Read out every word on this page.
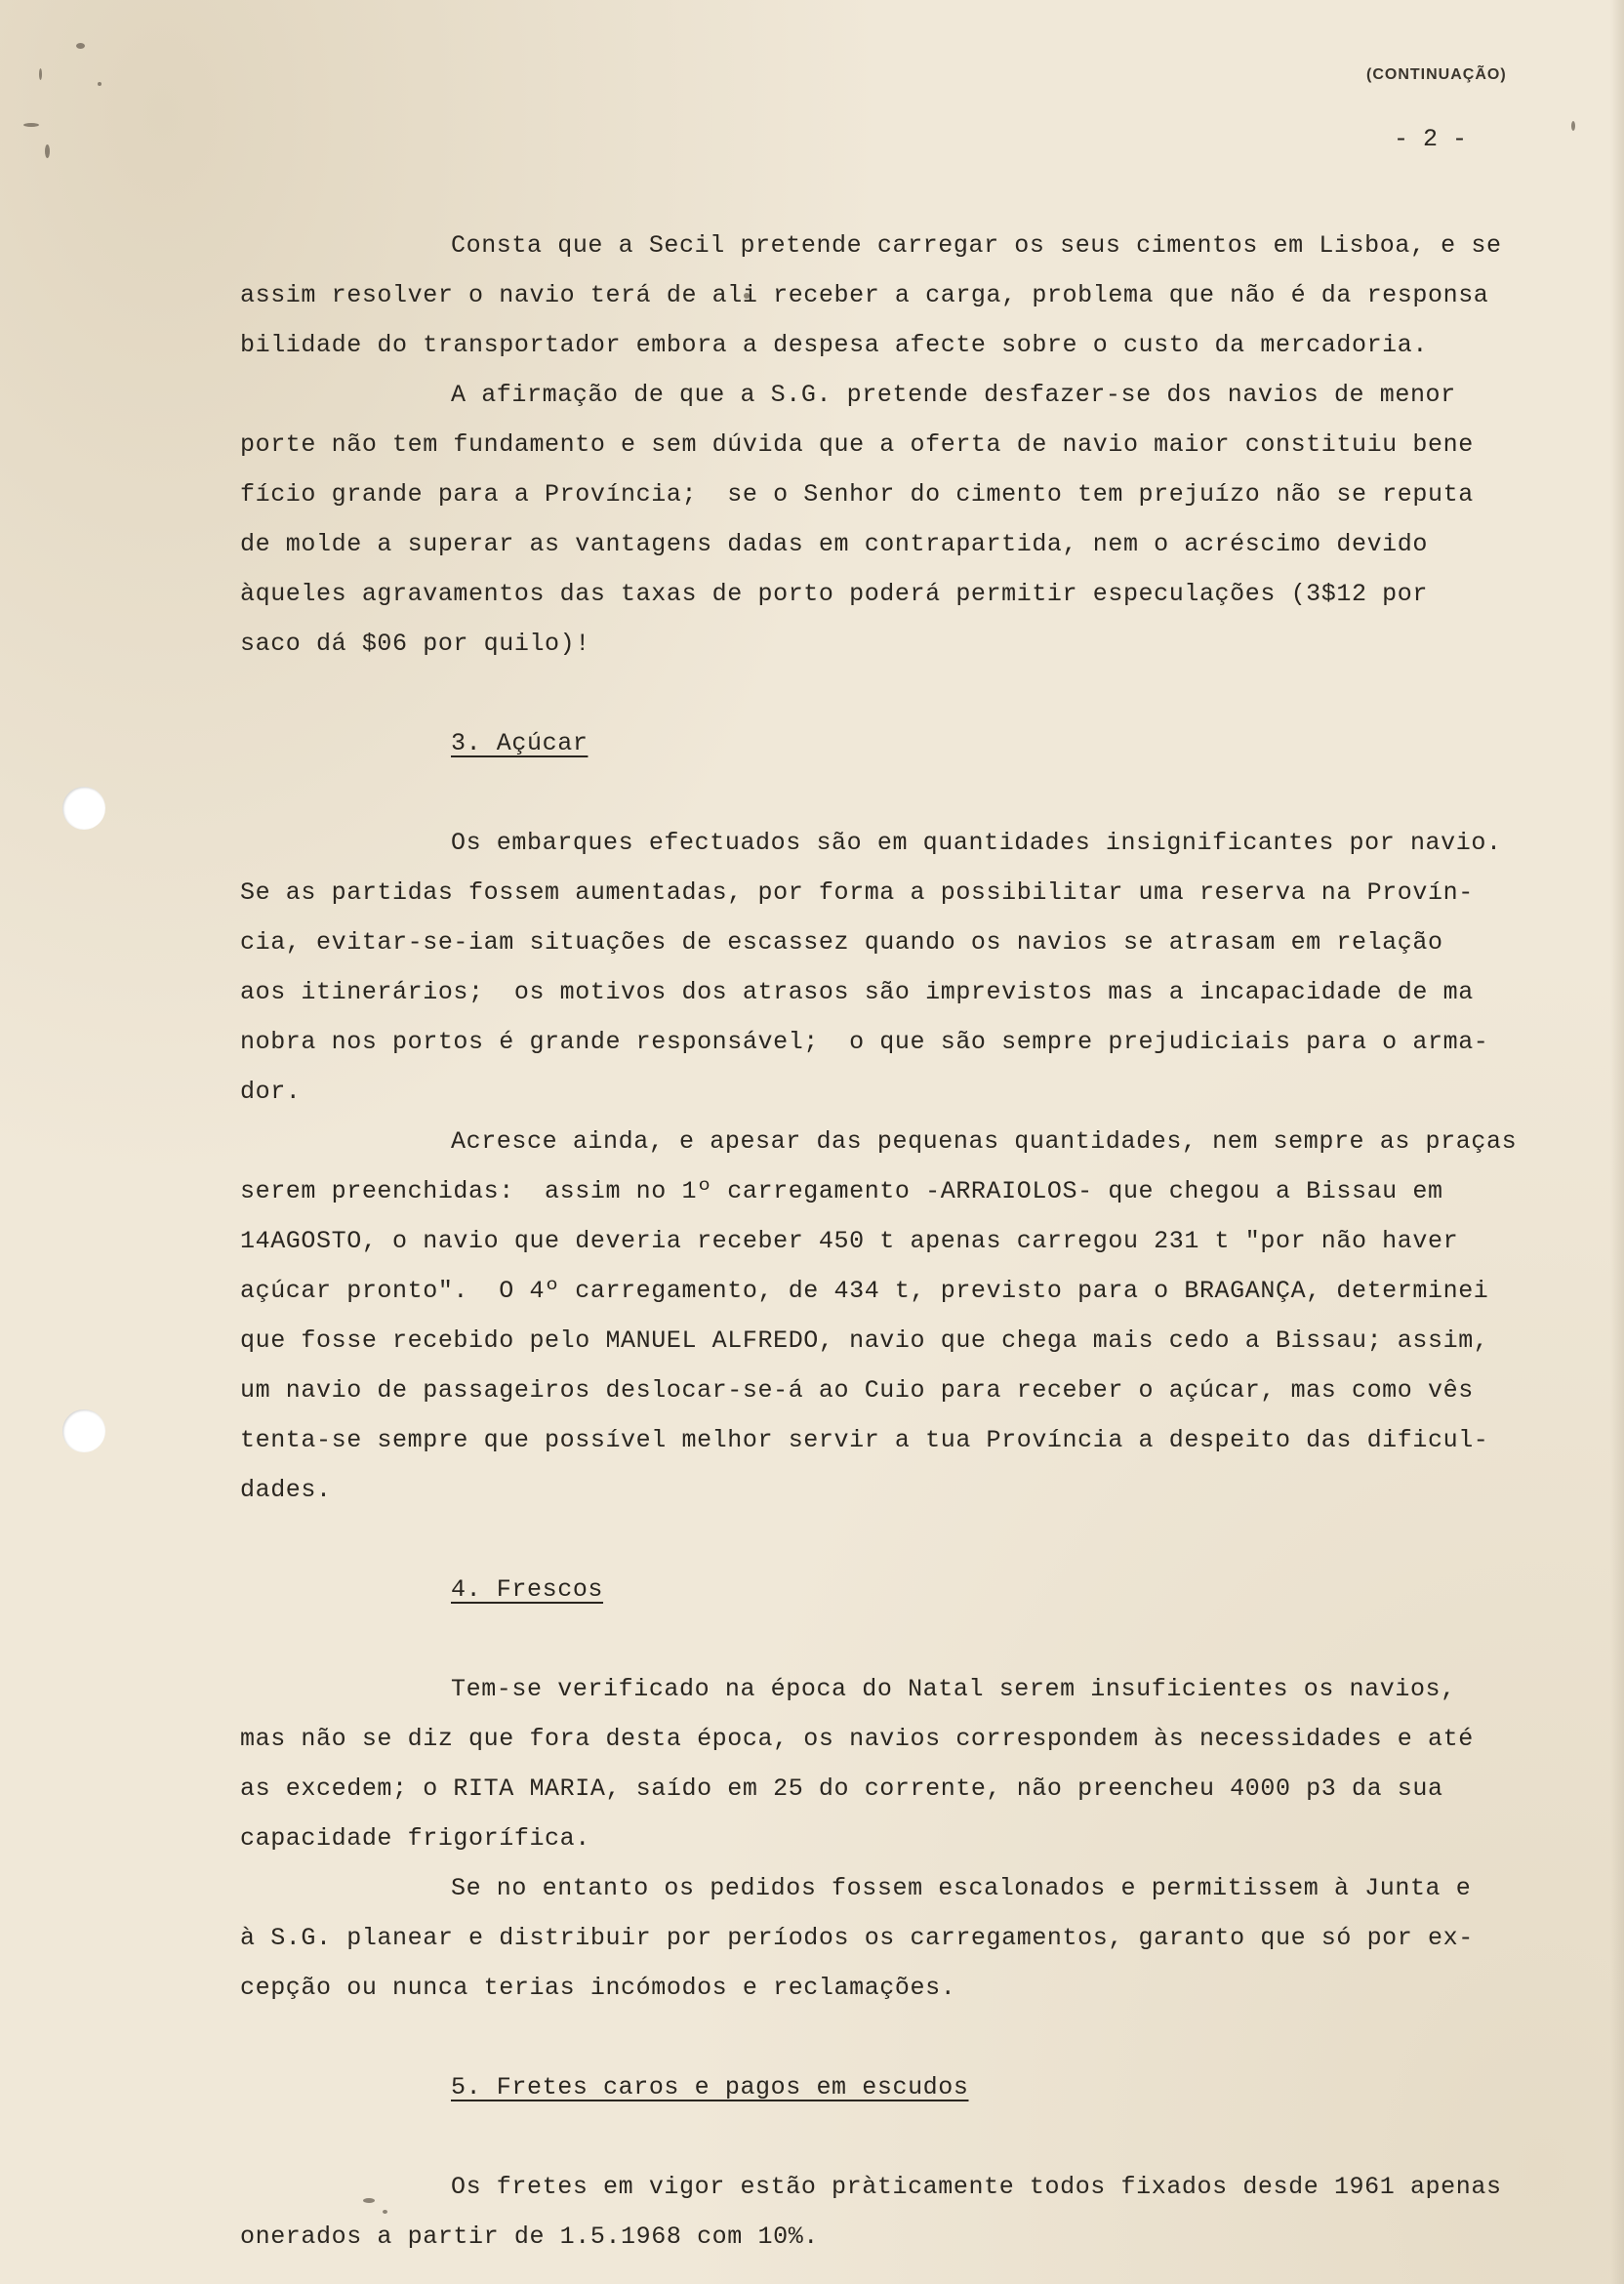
(CONTINUAÇÃO)
- 2 -
Consta que a Secil pretende carregar os seus cimentos em Lisboa, e se
assim resolver o navio terá de ali receber a carga, problema que não é da responsa
bilidade do transportador embora a despesa afecte sobre o custo da mercadoria.
A afirmação de que a S.G. pretende desfazer-se dos navios de menor
porte não tem fundamento e sem dúvida que a oferta de navio maior constituiu bene
fício grande para a Província;  se o Senhor do cimento tem prejuízo não se reputa
de molde a superar as vantagens dadas em contrapartida, nem o acréscimo devido
àqueles agravamentos das taxas de porto poderá permitir especulações (3$12 por
saco dá $06 por quilo)!
3. Açúcar
Os embarques efectuados são em quantidades insignificantes por navio.
Se as partidas fossem aumentadas, por forma a possibilitar uma reserva na Provín-
cia, evitar-se-iam situações de escassez quando os navios se atrasam em relação
aos itinerários;  os motivos dos atrasos são imprevistos mas a incapacidade de ma
nobra nos portos é grande responsável;  o que são sempre prejudiciais para o arma-
dor.
Acresce ainda, e apesar das pequenas quantidades, nem sempre as praças
serem preenchidas:  assim no 1º carregamento -ARRAIOLOS- que chegou a Bissau em
14AGOSTO, o navio que deveria receber 450 t apenas carregou 231 t "por não haver
açúcar pronto".  O 4º carregamento, de 434 t, previsto para o BRAGANÇA, determinei
que fosse recebido pelo MANUEL ALFREDO, navio que chega mais cedo a Bissau; assim,
um navio de passageiros deslocar-se-á ao Cuio para receber o açúcar, mas como vês
tenta-se sempre que possível melhor servir a tua Província a despeito das dificul-
dades.
4. Frescos
Tem-se verificado na época do Natal serem insuficientes os navios,
mas não se diz que fora desta época, os navios correspondem às necessidades e até
as excedem; o RITA MARIA, saído em 25 do corrente, não preencheu 4000 p3 da sua
capacidade frigorífica.
Se no entanto os pedidos fossem escalonados e permitissem à Junta e
à S.G. planear e distribuir por períodos os carregamentos, garanto que só por ex-
cepção ou nunca terias incómodos e reclamações.
5. Fretes caros e pagos em escudos
Os fretes em vigor estão pràticamente todos fixados desde 1961 apenas
onerados a partir de 1.5.1968 com 10%.
